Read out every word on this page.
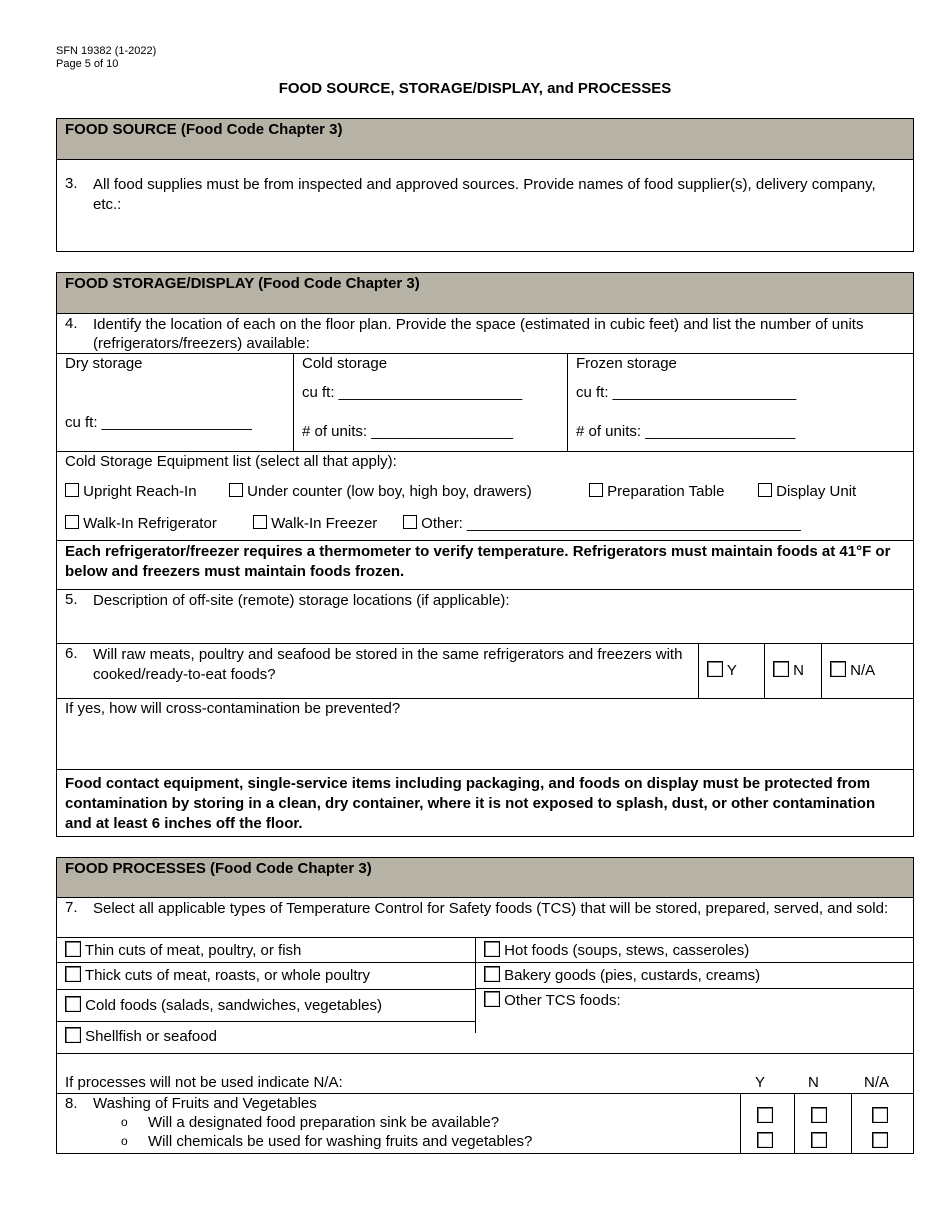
SFN 19382 (1-2022)
Page 5 of 10
FOOD SOURCE, STORAGE/DISPLAY, and PROCESSES
FOOD SOURCE (Food Code Chapter 3)
3. All food supplies must be from inspected and approved sources. Provide names of food supplier(s), delivery company, etc.:
FOOD STORAGE/DISPLAY (Food Code Chapter 3)
4. Identify the location of each on the floor plan. Provide the space (estimated in cubic feet) and list the number of units (refrigerators/freezers) available:
Dry storage
cu ft: __________________
Cold storage
cu ft: ______________________
# of units: _________________
Frozen storage
cu ft: ______________________
# of units: __________________
Cold Storage Equipment list (select all that apply):
Upright Reach-In	Under counter (low boy, high boy, drawers)	Preparation Table	Display Unit
Walk-In Refrigerator	Walk-In Freezer	Other: ________________________________________
Each refrigerator/freezer requires a thermometer to verify temperature. Refrigerators must maintain foods at 41°F or below and freezers must maintain foods frozen.
5. Description of off-site (remote) storage locations (if applicable):
6. Will raw meats, poultry and seafood be stored in the same refrigerators and freezers with cooked/ready-to-eat foods?	Y	N	N/A
If yes, how will cross-contamination be prevented?
Food contact equipment, single-service items including packaging, and foods on display must be protected from contamination by storing in a clean, dry container, where it is not exposed to splash, dust, or other contamination and at least 6 inches off the floor.
FOOD PROCESSES (Food Code Chapter 3)
7. Select all applicable types of Temperature Control for Safety foods (TCS) that will be stored, prepared, served, and sold:
Thin cuts of meat, poultry, or fish
Thick cuts of meat, roasts, or whole poultry
Cold foods (salads, sandwiches, vegetables)
Shellfish or seafood
Hot foods (soups, stews, casseroles)
Bakery goods (pies, custards, creams)
Other TCS foods:
If processes will not be used indicate N/A:	Y	N	N/A
8. Washing of Fruits and Vegetables
o Will a designated food preparation sink be available?
o Will chemicals be used for washing fruits and vegetables?
